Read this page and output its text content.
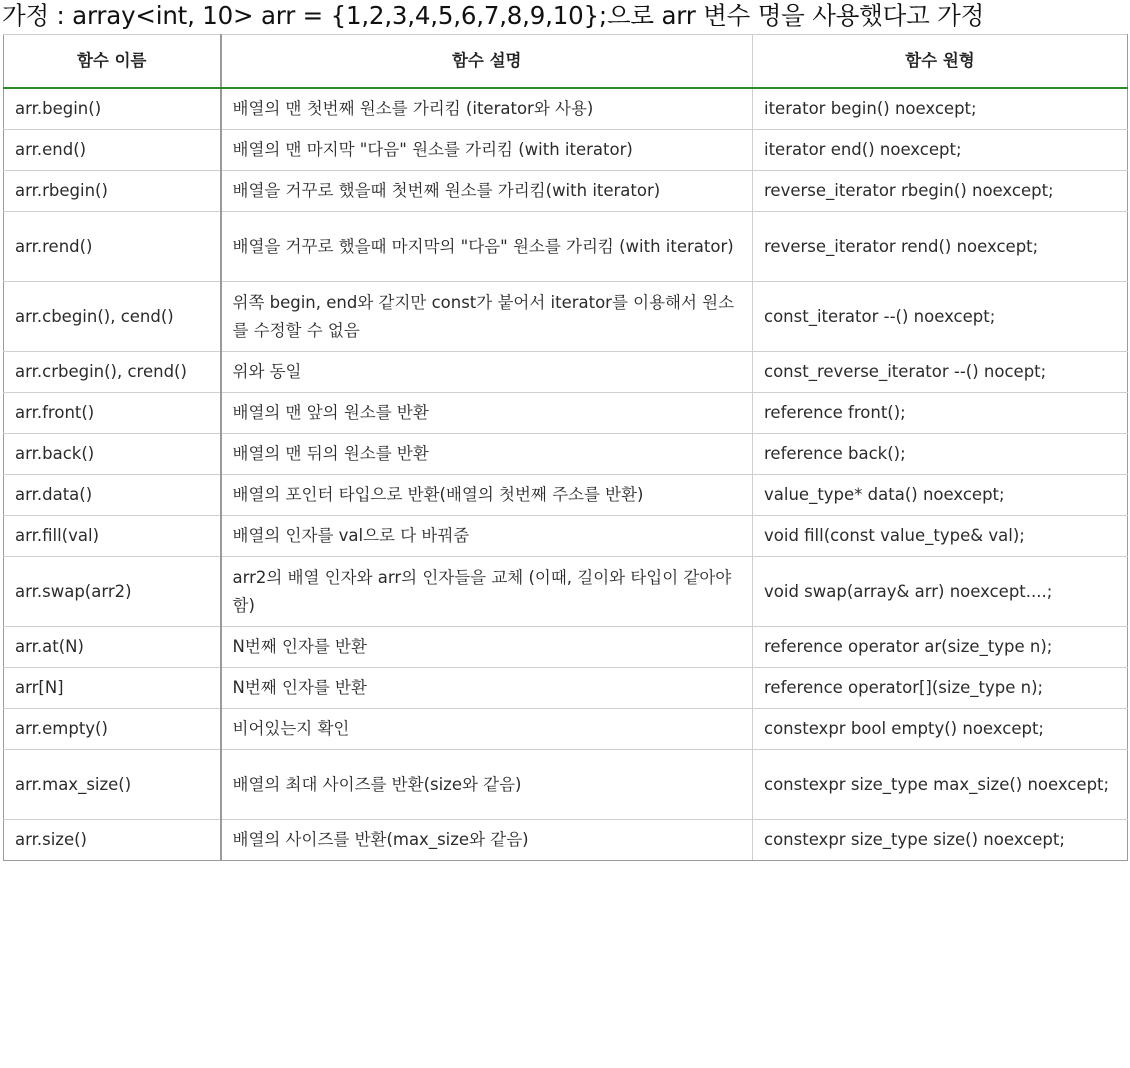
가정 : array<int, 10> arr = {1,2,3,4,5,6,7,8,9,10};으로 arr 변수 명을 사용했다고 가정
함수 이름	함수 설명	함수 원형
arr.begin()	배열의 맨 첫번째 원소를 가리킴 (iterator와 사용)	iterator begin() noexcept;
arr.end()	배열의 맨 마지막 "다음" 원소를 가리킴 (with iterator)	iterator end() noexcept;
arr.rbegin()	배열을 거꾸로 했을때 첫번째 원소를 가리킴(with iterator)	reverse_iterator rbegin() noexcept;
arr.rend()	배열을 거꾸로 했을때 마지막의 "다음" 원소를 가리킴 (with iterator)	reverse_iterator rend() noexcept;
arr.cbegin(), cend()	위쪽 begin, end와 같지만 const가 붙어서 iterator를 이용해서 원소를 수정할 수 없음	const_iterator --() noexcept;
arr.crbegin(), crend()	위와 동일	const_reverse_iterator --() nocept;
arr.front()	배열의 맨 앞의 원소를 반환	reference front();
arr.back()	배열의 맨 뒤의 원소를 반환	reference back();
arr.data()	배열의 포인터 타입으로 반환(배열의 첫번째 주소를 반환)	value_type* data() noexcept;
arr.fill(val)	배열의 인자를 val으로 다 바꿔줌	void fill(const value_type& val);
arr.swap(arr2)	arr2의 배열 인자와 arr의 인자들을 교체 (이때, 길이와 타입이 같아야함)	void swap(array& arr) noexcept....;
arr.at(N)	N번째 인자를 반환	reference operator ar(size_type n);
arr[N]	N번째 인자를 반환	reference operator[](size_type n);
arr.empty()	비어있는지 확인	constexpr bool empty() noexcept;
arr.max_size()	배열의 최대 사이즈를 반환(size와 같음)	constexpr size_type max_size() noexcept;
arr.size()	배열의 사이즈를 반환(max_size와 같음)	constexpr size_type size() noexcept;
